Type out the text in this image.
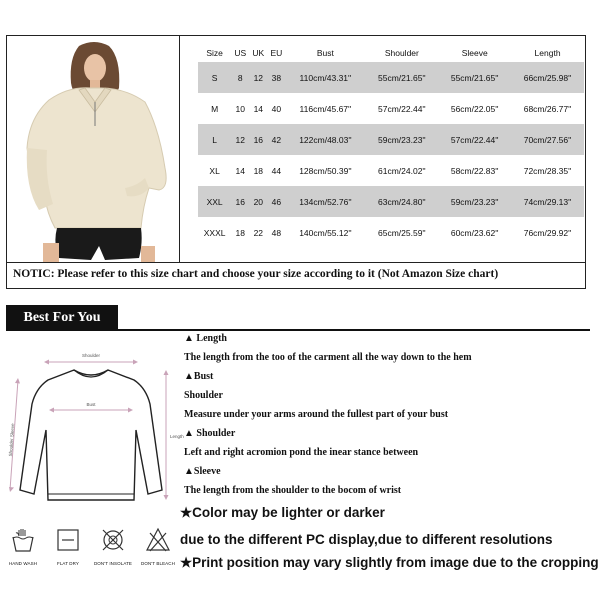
Size	US	UK	EU	Bust	Shoulder	Sleeve	Length
S	8	12	38	110cm/43.31''	55cm/21.65''	55cm/21.65''	66cm/25.98''
M	10	14	40	116cm/45.67''	57cm/22.44''	56cm/22.05''	68cm/26.77''
L	12	16	42	122cm/48.03''	59cm/23.23''	57cm/22.44''	70cm/27.56''
XL	14	18	44	128cm/50.39''	61cm/24.02''	58cm/22.83''	72cm/28.35''
XXL	16	20	46	134cm/52.76''	63cm/24.80''	59cm/23.23''	74cm/29.13''
XXXL	18	22	48	140cm/55.12''	65cm/25.59''	60cm/23.62''	76cm/29.92''
NOTIC: Please refer to this size chart and choose your size according to it (Not Amazon Size chart)
Best For You
Shoulder
Bust
Length
Shoulder Sleeve
▲ Length
The length from the too of the carment all the way down to the hem
▲Bust
Shoulder
Measure under your arms around the fullest part of your bust
▲ Shoulder
Left and right acromion pond the inear stance between
▲Sleeve
The length from the shoulder to the bocom of wrist
★Color may be lighter or darker
due to the different PC display,due to different resolutions
★Print position may vary slightly from image due to the cropping
HAND WASH	FLAT DRY	DON'T INSOLATE	DON'T BLEACH
